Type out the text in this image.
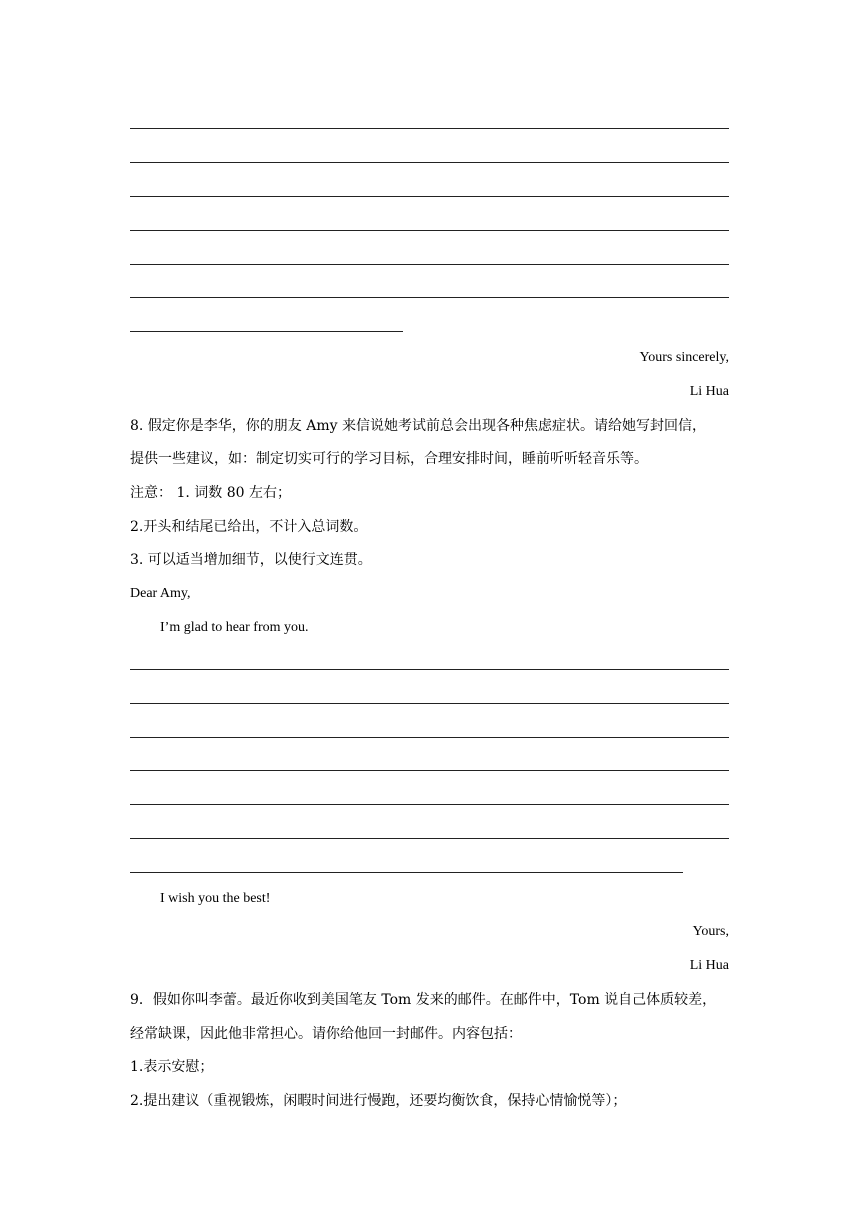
Yours sincerely,
Li Hua
8. 假定你是李华，你的朋友 Amy 来信说她考试前总会出现各种焦虑症状。请给她写封回信，
提供一些建议，如：制定切实可行的学习目标，合理安排时间，睡前听听轻音乐等。
注意： 1. 词数 80 左右；
2.开头和结尾已给出，不计入总词数。
3. 可以适当增加细节，以使行文连贯。
Dear Amy,
I’m glad to hear from you.
I wish you the best!
Yours,
Li Hua
9．假如你叫李蕾。最近你收到美国笔友 Tom 发来的邮件。在邮件中，Tom 说自己体质较差，
经常缺课，因此他非常担心。请你给他回一封邮件。内容包括：
1.表示安慰；
2.提出建议（重视锻炼，闲暇时间进行慢跑，还要均衡饮食，保持心情愉悦等）；
